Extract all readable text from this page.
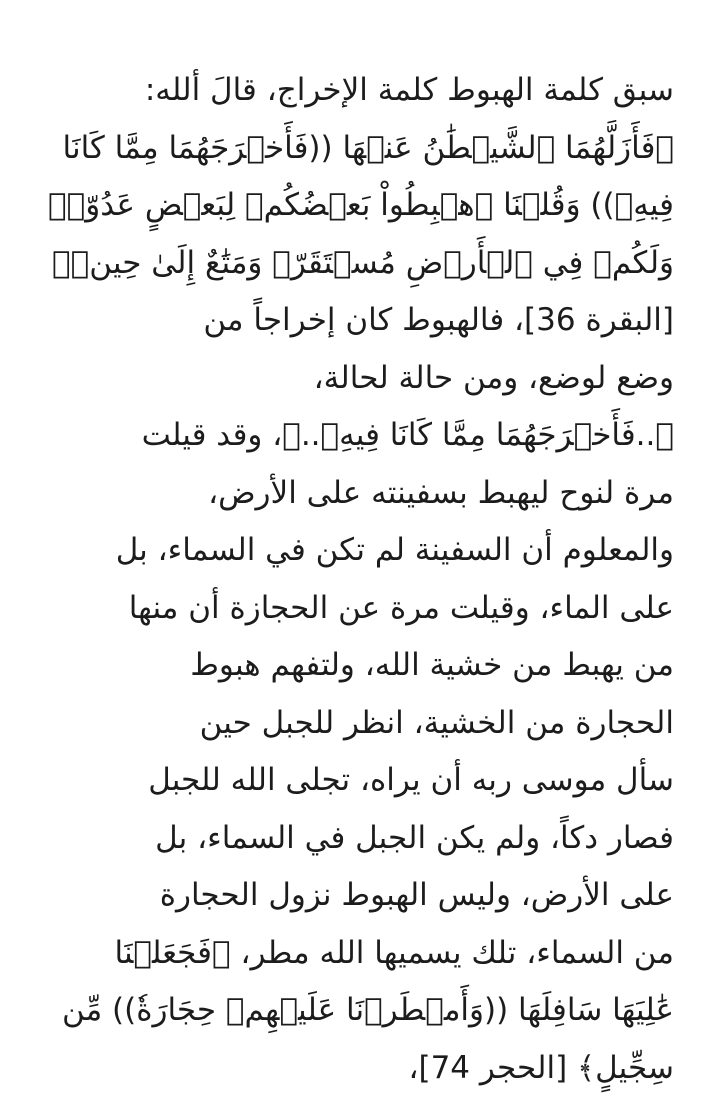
سبق كلمة الهبوط كلمة الإخراج، قالَ ألله:
﴿فَأَزَلَّهُمَا ٱلشَّيۡطَٰنُ عَنۡهَا ((فَأَخۡرَجَهُمَا مِمَّا كَانَا
فِيهِۖ)) وَقُلۡنَا ٱهۡبِطُواْ بَعۡضُكُمۡ لِبَعۡضٍ عَدُوّٞۖ
وَلَكُمۡ فِي ٱلۡأَرۡضِ مُسۡتَقَرّٞ وَمَتَٰعٌ إِلَىٰ حِينٖ﴾
[البقرة 36]، فالهبوط كان إخراجاً من
وضع لوضع، ومن حالة لحالة،
﴿..فَأَخۡرَجَهُمَا مِمَّا كَانَا فِيهِۖ..﴾، وقد قيلت
مرة لنوح ليهبط بسفينته على الأرض،
والمعلوم أن السفينة لم تكن في السماء، بل
على الماء، وقيلت مرة عن الحجازة أن منها
من يهبط من خشية الله، ولتفهم هبوط
الحجارة من الخشية، انظر للجبل حين
سأل موسى ربه أن يراه، تجلى الله للجبل
فصار دكاً، ولم يكن الجبل في السماء، بل
على الأرض، وليس الهبوط نزول الحجارة
من السماء، تلك يسميها الله مطر، ﴿فَجَعَلۡنَا
عَٰلِيَهَا سَافِلَهَا ((وَأَمۡطَرۡنَا عَلَيۡهِمۡ حِجَارَةٗ)) مِّن
سِجِّيلٍ﴾ [الحجر 74]،
